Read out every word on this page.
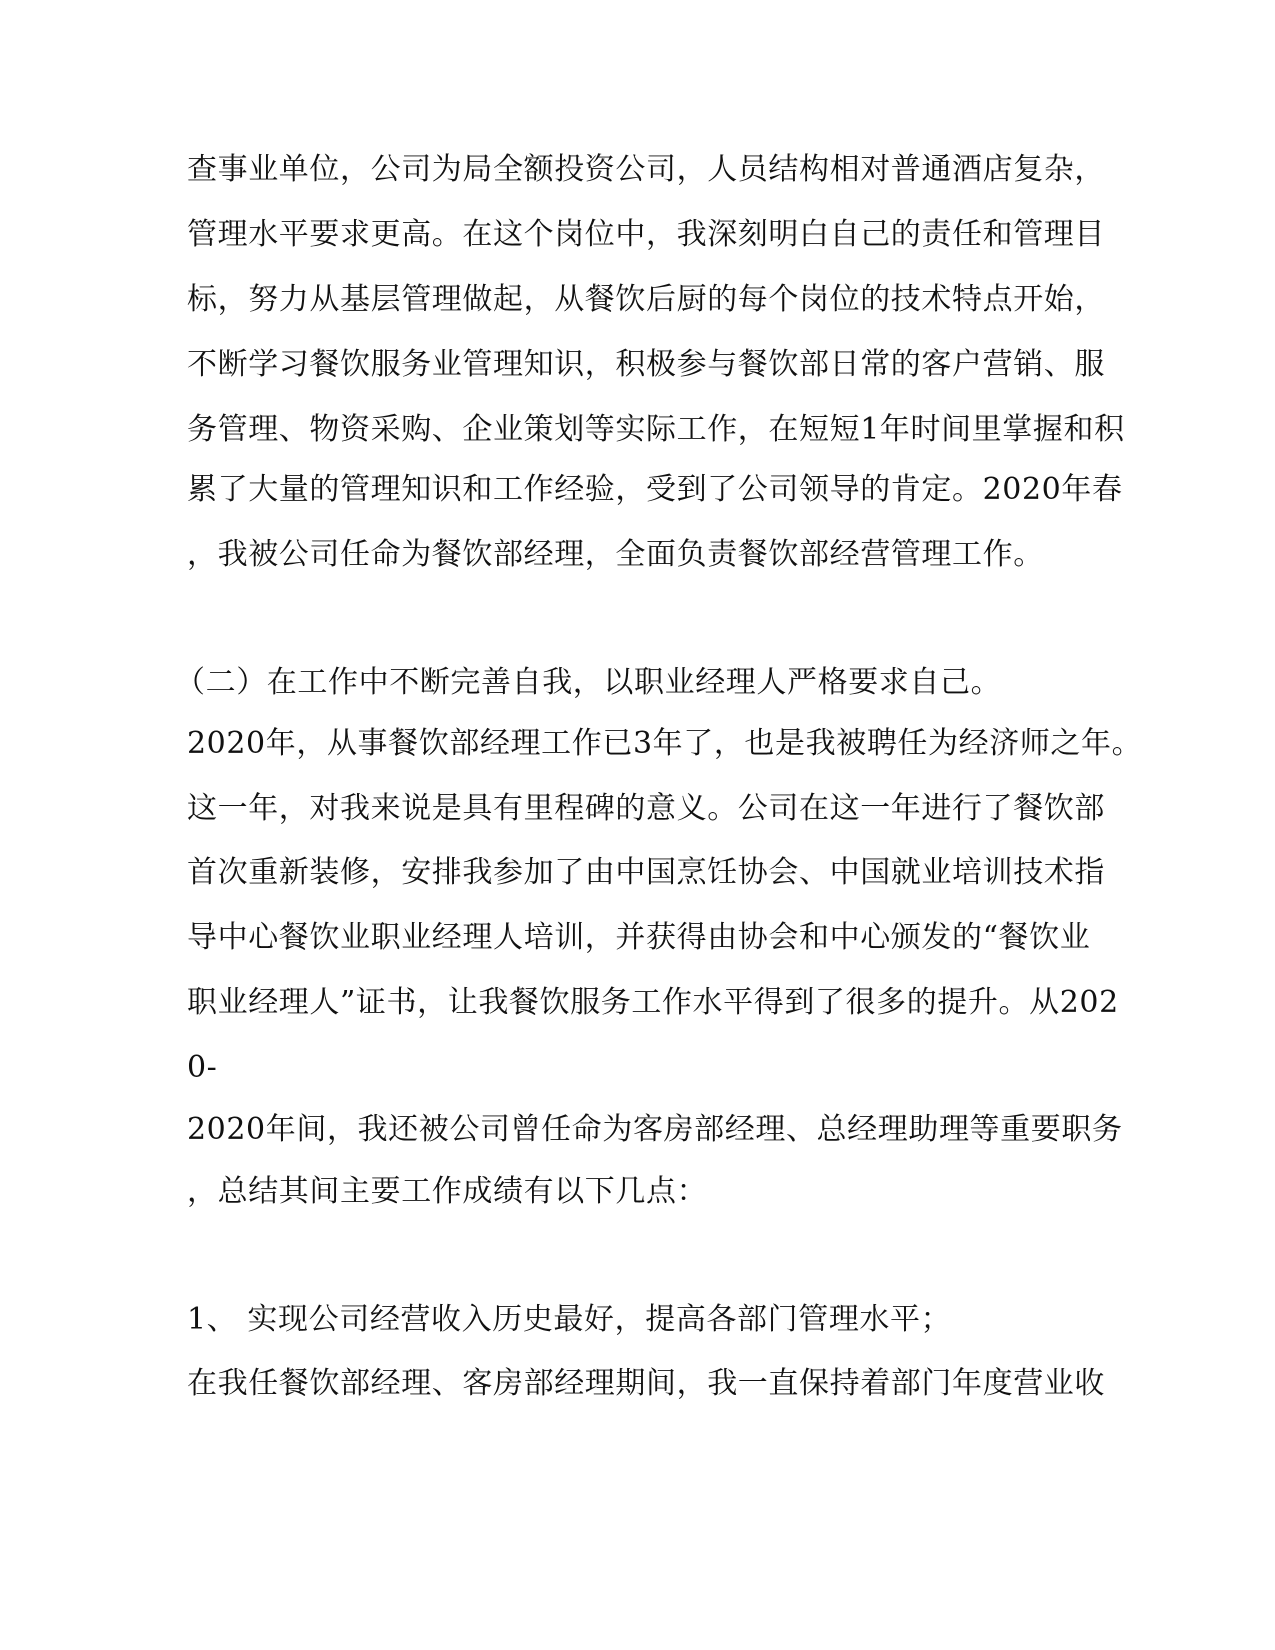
查事业单位，公司为局全额投资公司，人员结构相对普通酒店复杂，

管理水平要求更高。在这个岗位中，我深刻明白自己的责任和管理目

标，努力从基层管理做起，从餐饮后厨的每个岗位的技术特点开始，

不断学习餐饮服务业管理知识，积极参与餐饮部日常的客户营销、服

务管理、物资采购、企业策划等实际工作，在短短1年时间里掌握和积

累了大量的管理知识和工作经验，受到了公司领导的肯定。2020年春

，我被公司任命为餐饮部经理，全面负责餐饮部经营管理工作。

（二）在工作中不断完善自我，以职业经理人严格要求自己。

2020年，从事餐饮部经理工作已3年了，也是我被聘任为经济师之年。

这一年，对我来说是具有里程碑的意义。公司在这一年进行了餐饮部

首次重新装修，安排我参加了由中国烹饪协会、中国就业培训技术指

导中心餐饮业职业经理人培训，并获得由协会和中心颁发的“餐饮业

职业经理人”证书，让我餐饮服务工作水平得到了很多的提升。从202

0-

2020年间，我还被公司曾任命为客房部经理、总经理助理等重要职务

，总结其间主要工作成绩有以下几点：

1、 实现公司经营收入历史最好，提高各部门管理水平；

在我任餐饮部经理、客房部经理期间，我一直保持着部门年度营业收
